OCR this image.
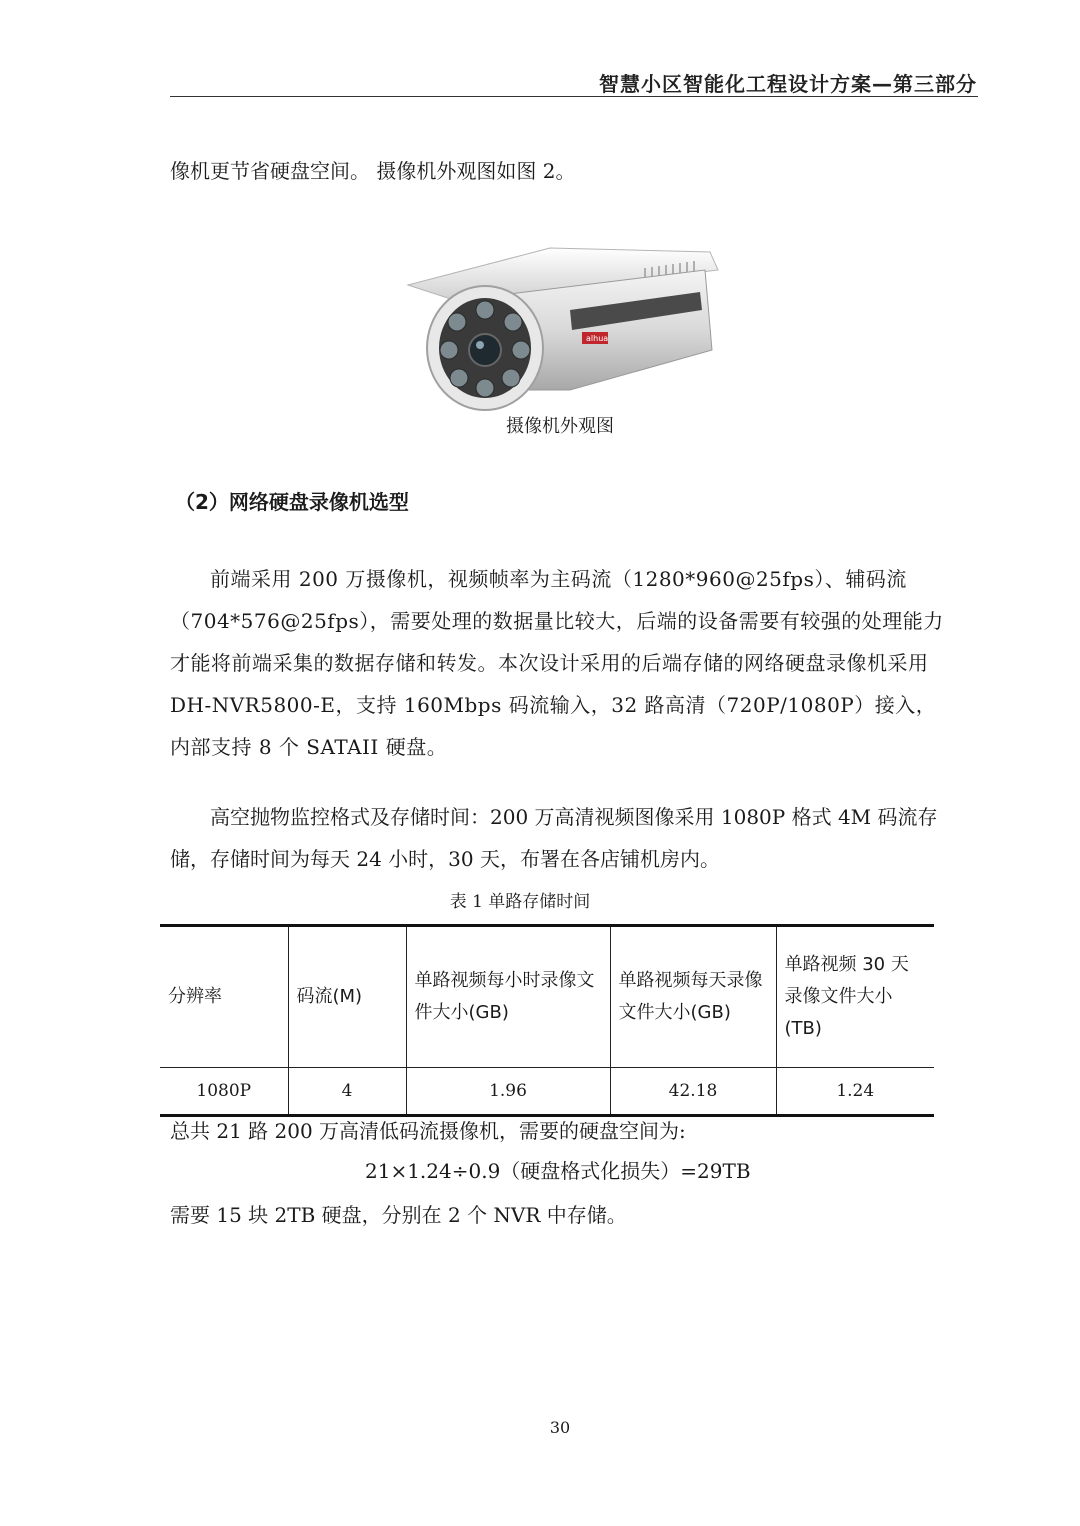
智慧小区智能化工程设计方案—第三部分
像机更节省硬盘空间。 摄像机外观图如图 2。
alhua
摄像机外观图
（2）网络硬盘录像机选型
前端采用 200 万摄像机，视频帧率为主码流（1280*960@25fps）、辅码流（704*576@25fps），需要处理的数据量比较大，后端的设备需要有较强的处理能力才能将前端采集的数据存储和转发。本次设计采用的后端存储的网络硬盘录像机采用 DH-NVR5800-E，支持 160Mbps 码流输入，32 路高清（720P/1080P）接入，内部支持 8 个 SATAII 硬盘。
高空抛物监控格式及存储时间：200 万高清视频图像采用 1080P 格式 4M 码流存储，存储时间为每天 24 小时，30 天，布署在各店铺机房内。
表 1 单路存储时间
分辨率	码流(M)	单路视频每小时录像文件大小(GB)	单路视频每天录像文件大小(GB)	单路视频 30 天录像文件大小(TB)
1080P	4	1.96	42.18	1.24
总共 21 路 200 万高清低码流摄像机，需要的硬盘空间为:
21×1.24÷0.9（硬盘格式化损失）=29TB
需要 15 块 2TB 硬盘，分别在 2 个 NVR 中存储。
30
